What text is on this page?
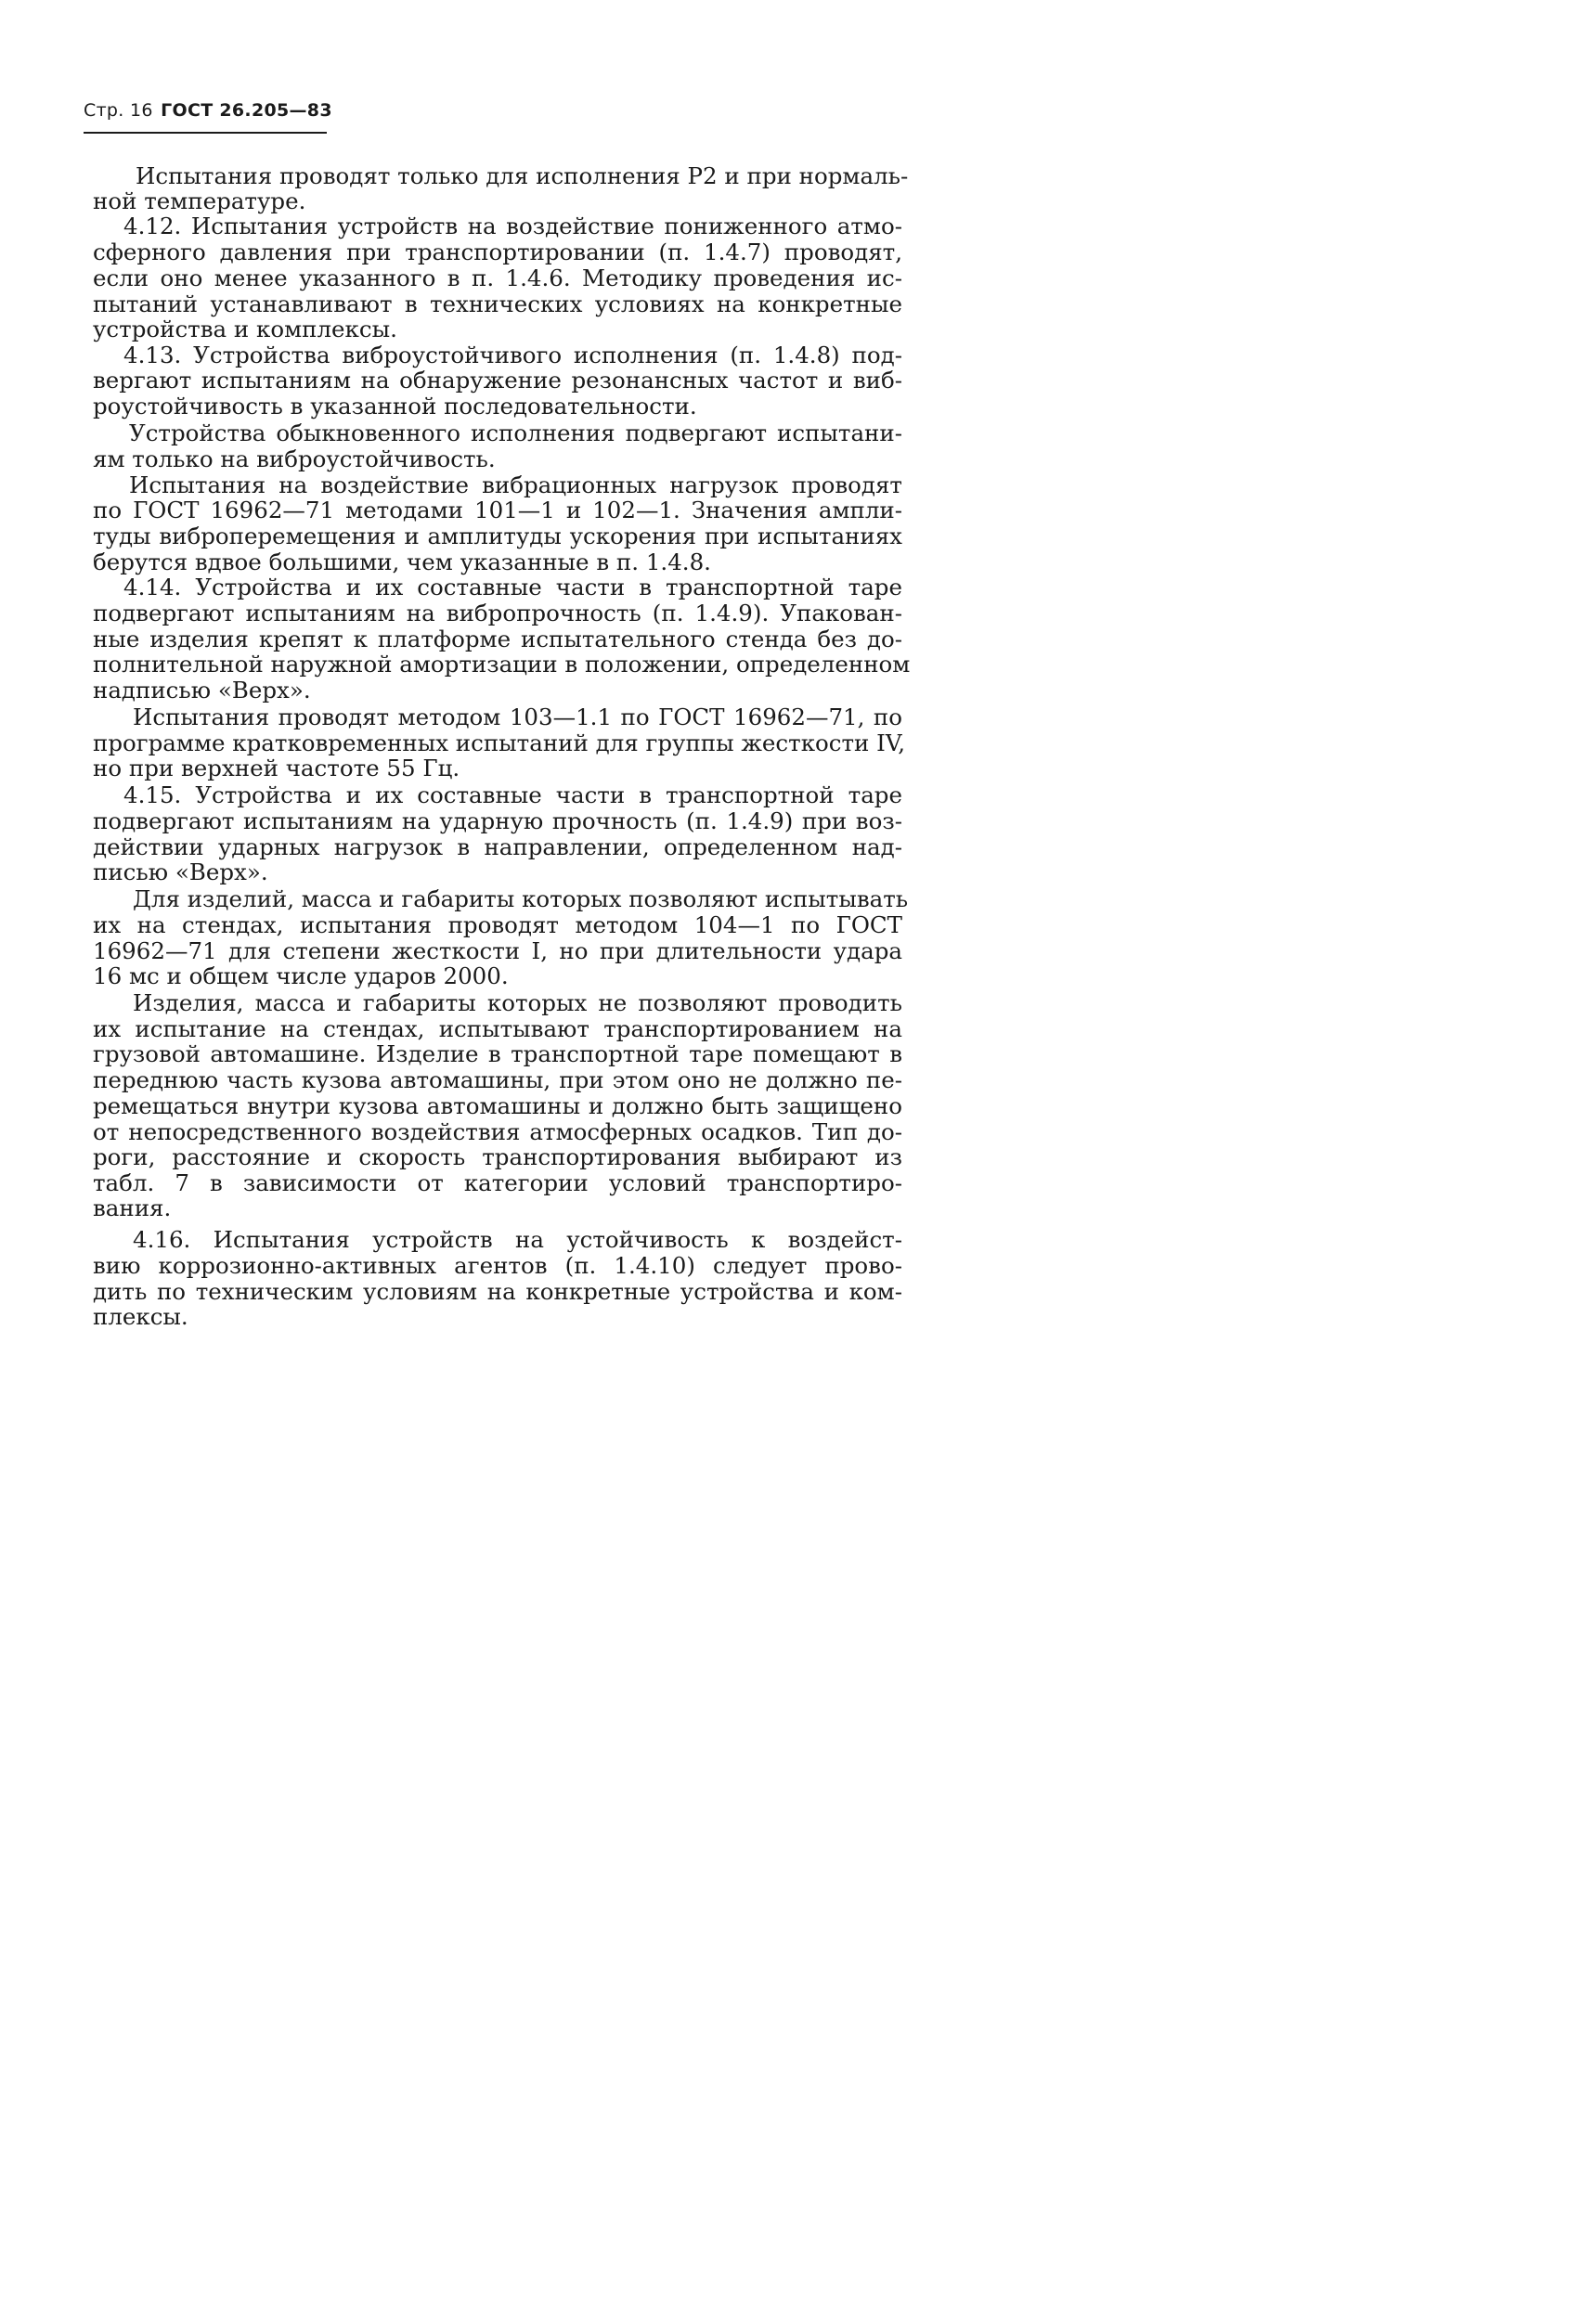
Стр. 16 ГОСТ 26.205—83
Испытания проводят только для исполнения Р2 и при нормаль-
ной температуре.
4.12. Испытания устройств на воздействие пониженного атмо-
сферного давления при транспортировании (п. 1.4.7) проводят,
если оно менее указанного в п. 1.4.6. Методику проведения ис-
пытаний устанавливают в технических условиях на конкретные
устройства и комплексы.
4.13. Устройства виброустойчивого исполнения (п. 1.4.8) под-
вергают испытаниям на обнаружение резонансных частот и виб-
роустойчивость в указанной последовательности.
Устройства обыкновенного исполнения подвергают испытани-
ям только на виброустойчивость.
Испытания на воздействие вибрационных нагрузок проводят
по ГОСТ 16962—71 методами 101—1 и 102—1. Значения ампли-
туды виброперемещения и амплитуды ускорения при испытаниях
берутся вдвое большими, чем указанные в п. 1.4.8.
4.14. Устройства и их составные части в транспортной таре
подвергают испытаниям на вибропрочность (п. 1.4.9). Упакован-
ные изделия крепят к платформе испытательного стенда без до-
полнительной наружной амортизации в положении, определенном
надписью «Верх».
Испытания проводят методом 103—1.1 по ГОСТ 16962—71, по
программе кратковременных испытаний для группы жесткости IV,
но при верхней частоте 55 Гц.
4.15. Устройства и их составные части в транспортной таре
подвергают испытаниям на ударную прочность (п. 1.4.9) при воз-
действии ударных нагрузок в направлении, определенном над-
писью «Верх».
Для изделий, масса и габариты которых позволяют испытывать
их на стендах, испытания проводят методом 104—1 по ГОСТ
16962—71 для степени жесткости I, но при длительности удара
16 мс и общем числе ударов 2000.
Изделия, масса и габариты которых не позволяют проводить
их испытание на стендах, испытывают транспортированием на
грузовой автомашине. Изделие в транспортной таре помещают в
переднюю часть кузова автомашины, при этом оно не должно пе-
ремещаться внутри кузова автомашины и должно быть защищено
от непосредственного воздействия атмосферных осадков. Тип до-
роги, расстояние и скорость транспортирования выбирают из
табл. 7 в зависимости от категории условий транспортиро-
вания.
4.16. Испытания устройств на устойчивость к воздейст-
вию коррозионно-активных агентов (п. 1.4.10) следует прово-
дить по техническим условиям на конкретные устройства и ком-
плексы.
